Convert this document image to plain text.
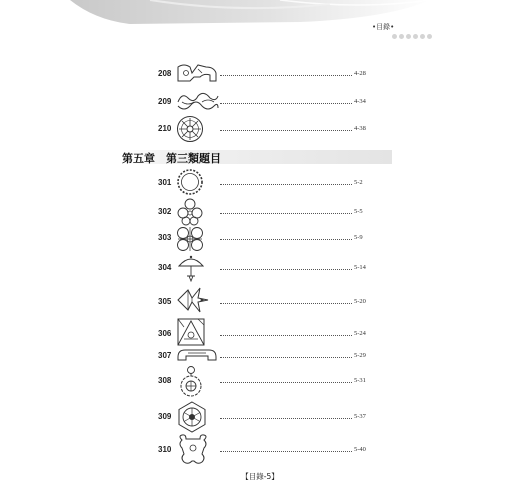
•目錄•
208	4-28
209	4-34
210	4-38
第五章　第三類題目
301	5-2
302	5-5
303	5-9
304	5-14
305	5-20
306	5-24
307	5-29
308	5-31
309	5-37
310	5-40
【目錄-5】
